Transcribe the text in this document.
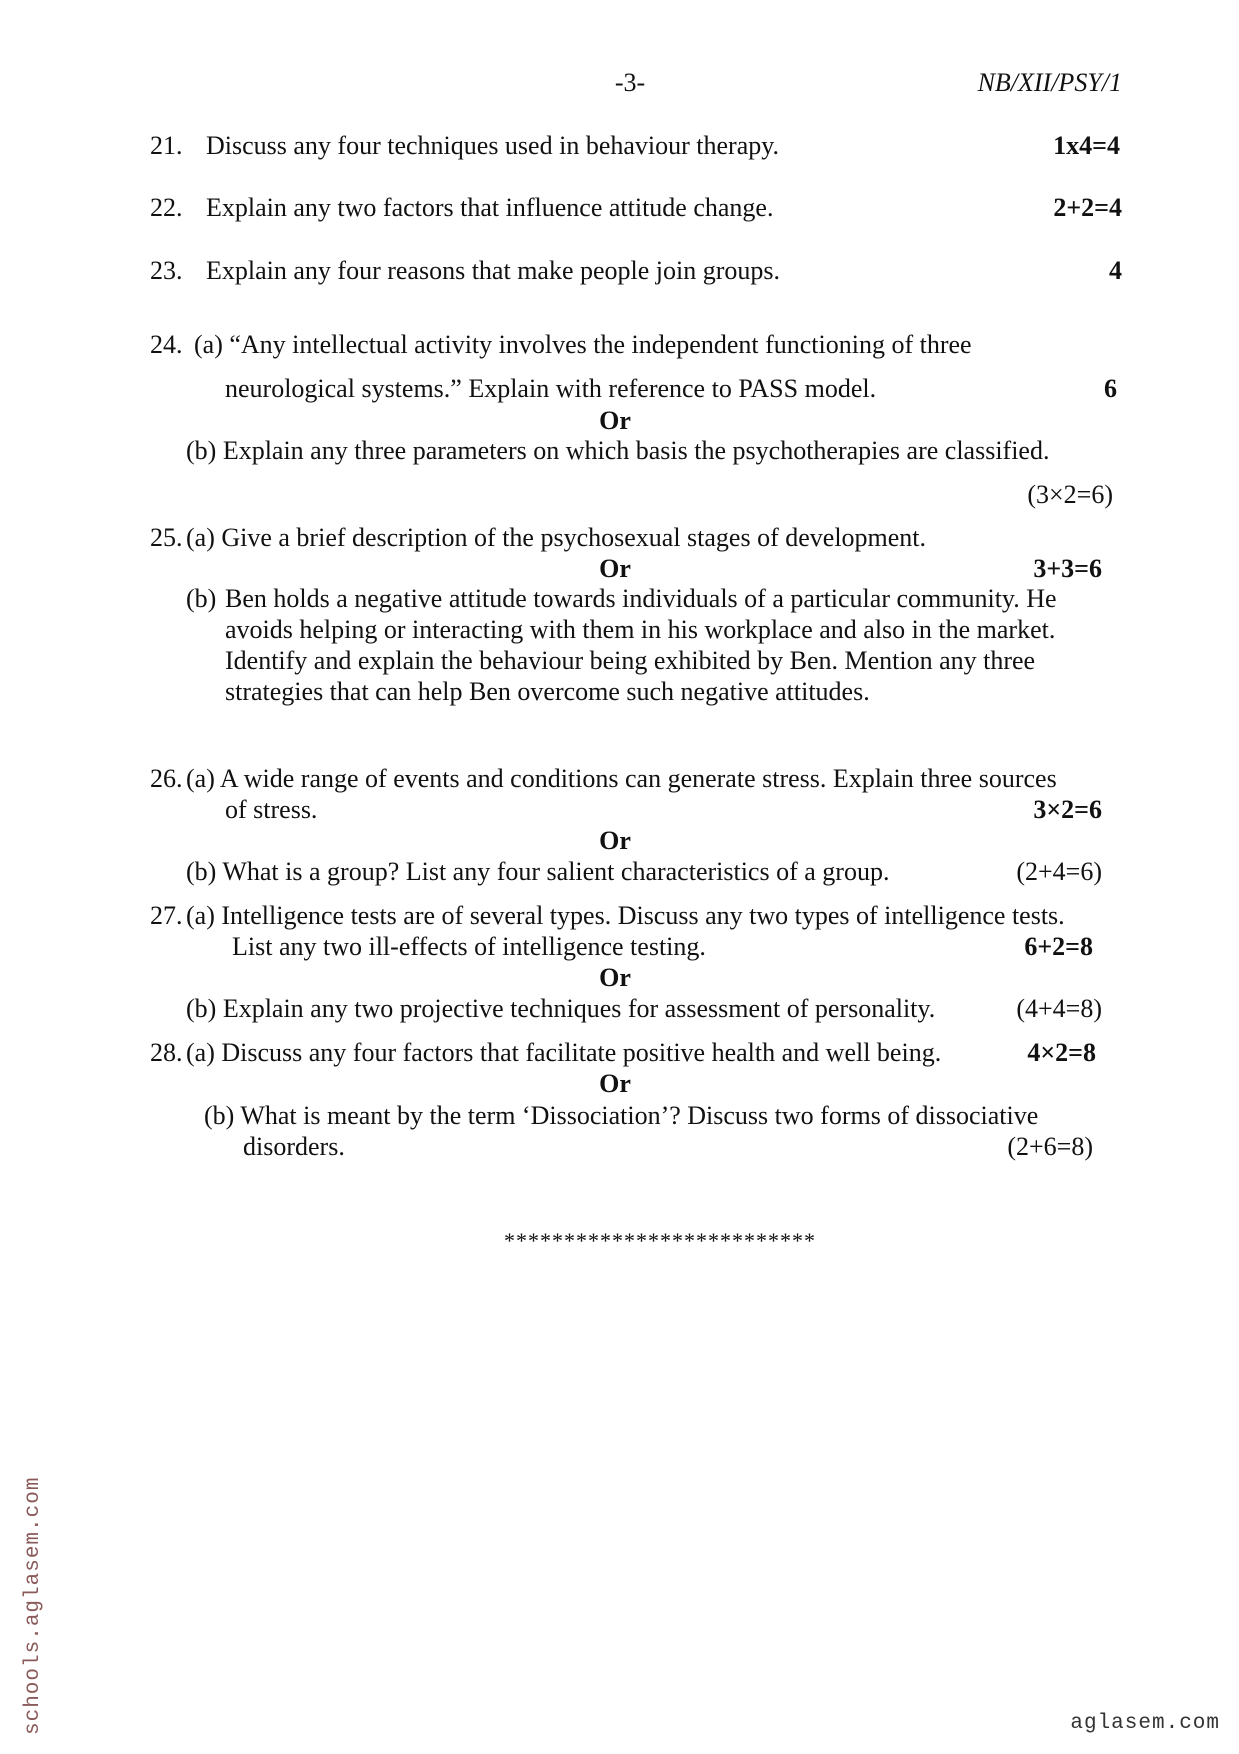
-3-	NB/XII/PSY/1
21. Discuss any four techniques used in behaviour therapy.	1x4=4
22. Explain any two factors that influence attitude change.	2+2=4
23. Explain any four reasons that make people join groups.	4
24. (a) “Any intellectual activity involves the independent functioning of three
neurological systems.” Explain with reference to PASS model.	6
Or
(b) Explain any three parameters on which basis the psychotherapies are classified.
(3×2=6)
25. (a) Give a brief description of the psychosexual stages of development.
Or	3+3=6
(b) Ben holds a negative attitude towards individuals of a particular community. He
avoids helping or interacting with them in his workplace and also in the market.
Identify and explain the behaviour being exhibited by Ben. Mention any three
strategies that can help Ben overcome such negative attitudes.
26. (a) A wide range of events and conditions can generate stress. Explain three sources
of stress.	3×2=6
Or
(b) What is a group? List any four salient characteristics of a group.	(2+4=6)
27. (a) Intelligence tests are of several types. Discuss any two types of intelligence tests.
List any two ill-effects of intelligence testing.	6+2=8
Or
(b) Explain any two projective techniques for assessment of personality.	(4+4=8)
28. (a) Discuss any four factors that facilitate positive health and well being.	4×2=8
Or
(b) What is meant by the term ‘Dissociation’? Discuss two forms of dissociative
disorders.	(2+6=8)
**************************
schools.aglasem.com	aglasem.com
